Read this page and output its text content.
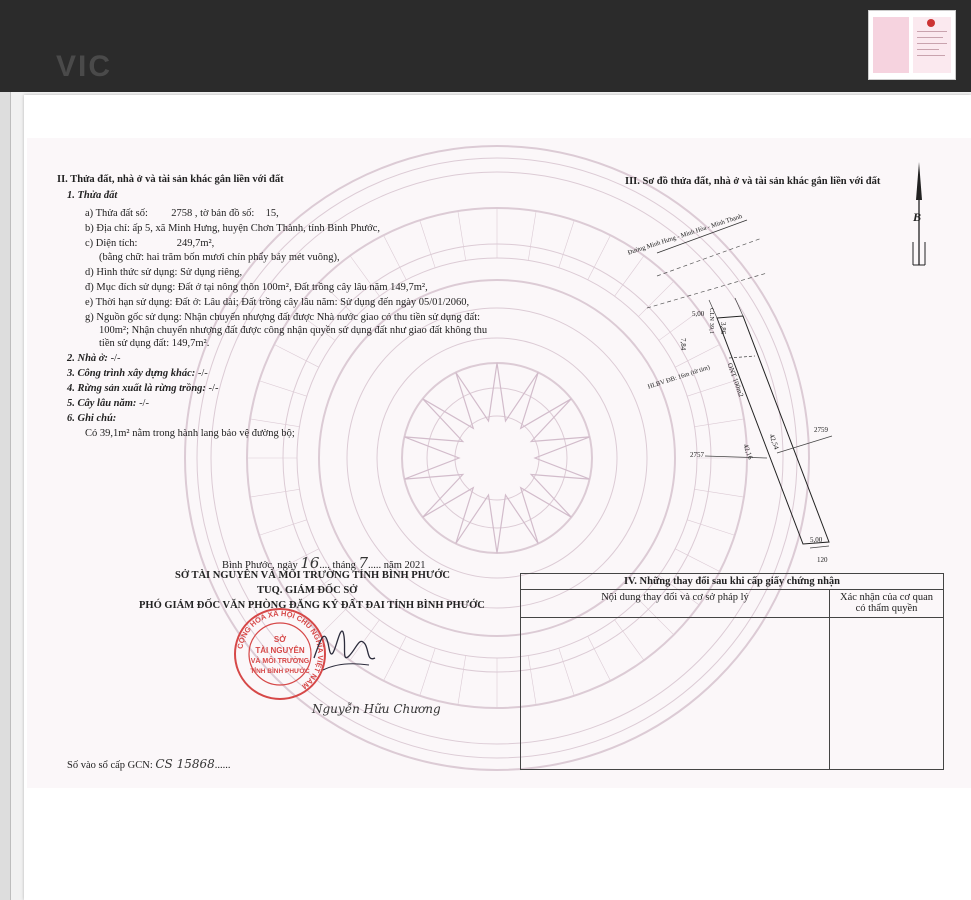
VIC
II. Thửa đất, nhà ở và tài sản khác gắn liền với đất
1. Thửa đất
a) Thửa đất số: 2758 , tờ bản đồ số: 15,
b) Địa chỉ: ấp 5, xã Minh Hưng, huyện Chơn Thành, tỉnh Bình Phước,
c) Diện tích:	249,7m²,
(bằng chữ: hai trăm bốn mươi chín phẩy bảy mét vuông),
d) Hình thức sử dụng: Sử dụng riêng,
đ) Mục đích sử dụng: Đất ở tại nông thôn 100m², Đất trồng cây lâu năm 149,7m²,
e) Thời hạn sử dụng: Đất ở: Lâu dài; Đất trồng cây lâu năm: Sử dụng đến ngày 05/01/2060,
g) Nguồn gốc sử dụng: Nhận chuyển nhượng đất được Nhà nước giao có thu tiền sử dụng đất:
100m²; Nhận chuyển nhượng đất được công nhận quyền sử dụng đất như giao đất không thu
tiền sử dụng đất: 149,7m².
2. Nhà ở: -/-
3. Công trình xây dựng khác: -/-
4. Rừng sản xuất là rừng trồng: -/-
5. Cây lâu năm: -/-
6. Ghi chú:
Có 39,1m² nằm trong hành lang bảo vệ đường bộ;
III. Sơ đồ thửa đất, nhà ở và tài sản khác gắn liền với đất
B
Đường Minh Hưng - Minh Hòa - Minh Thạnh
5,00
7,84
3,86
CLN 39,1
HLBV ĐB: 16m (từ tim) ONT 100m2
42,54
42,16
2759
2757
5,00
120
Bình Phước, ngày 16.... tháng 7..... năm 2021
SỞ TÀI NGUYÊN VÀ MÔI TRƯỜNG TỈNH BÌNH PHƯỚC
TUQ. GIÁM ĐỐC SỞ
PHÓ GIÁM ĐỐC VĂN PHÒNG ĐĂNG KÝ ĐẤT ĐAI TỈNH BÌNH PHƯỚC
CỘNG HÒA XÃ HỘI CHỦ NGHĨA VIỆT NAM
SỞ
TÀI NGUYÊN
VÀ MÔI TRƯỜNG
TỈNH BÌNH PHƯỚC
Nguyễn Hữu Chương
Số vào sổ cấp GCN: CS 15868......
IV. Những thay đổi sau khi cấp giấy chứng nhận	
Nội dung thay đổi và cơ sở pháp lý	Xác nhận của cơ quan
có thẩm quyền
